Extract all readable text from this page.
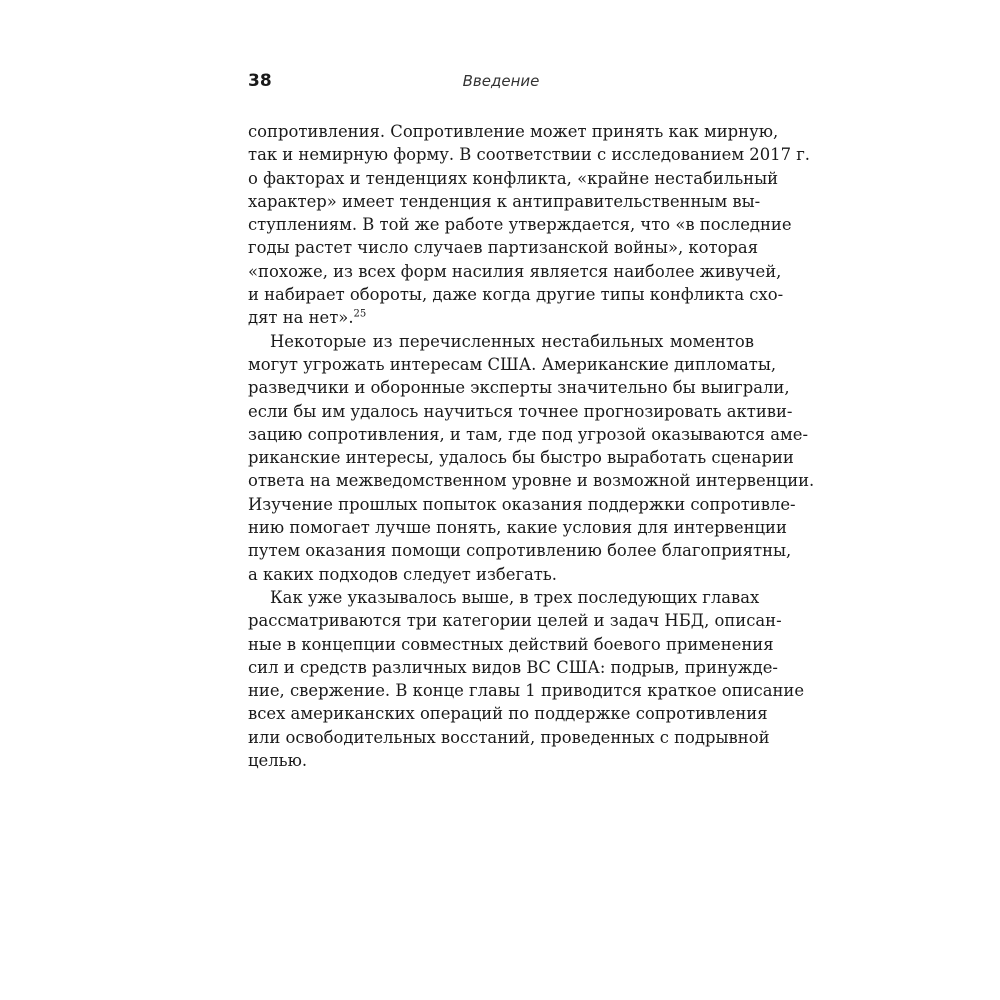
38	Введение
сопротивления. Сопротивление может принять как мирную,
так и немирную форму. В соответствии с исследованием 2017 г.
о факторах и тенденциях конфликта, «крайне нестабильный
характер» имеет тенденция к антиправительственным вы-
ступлениям. В той же работе утверждается, что «в последние
годы растет число случаев партизанской войны», которая
«похоже, из всех форм насилия является наиболее живучей,
и набирает обороты, даже когда другие типы конфликта схо-
дят на нет».$^{25}$
Некоторые из перечисленных нестабильных моментов
могут угрожать интересам США. Американские дипломаты,
разведчики и оборонные эксперты значительно бы выиграли,
если бы им удалось научиться точнее прогнозировать активи-
зацию сопротивления, и там, где под угрозой оказываются аме-
риканские интересы, удалось бы быстро выработать сценарии
ответа на межведомственном уровне и возможной интервенции.
Изучение прошлых попыток оказания поддержки сопротивле-
нию помогает лучше понять, какие условия для интервенции
путем оказания помощи сопротивлению более благоприятны,
а каких подходов следует избегать.
Как уже указывалось выше, в трех последующих главах
рассматриваются три категории целей и задач НБД, описан-
ные в концепции совместных действий боевого применения
сил и средств различных видов ВС США: подрыв, принужде-
ние, свержение. В конце главы 1 приводится краткое описание
всех американских операций по поддержке сопротивления
или освободительных восстаний, проведенных с подрывной
целью.
